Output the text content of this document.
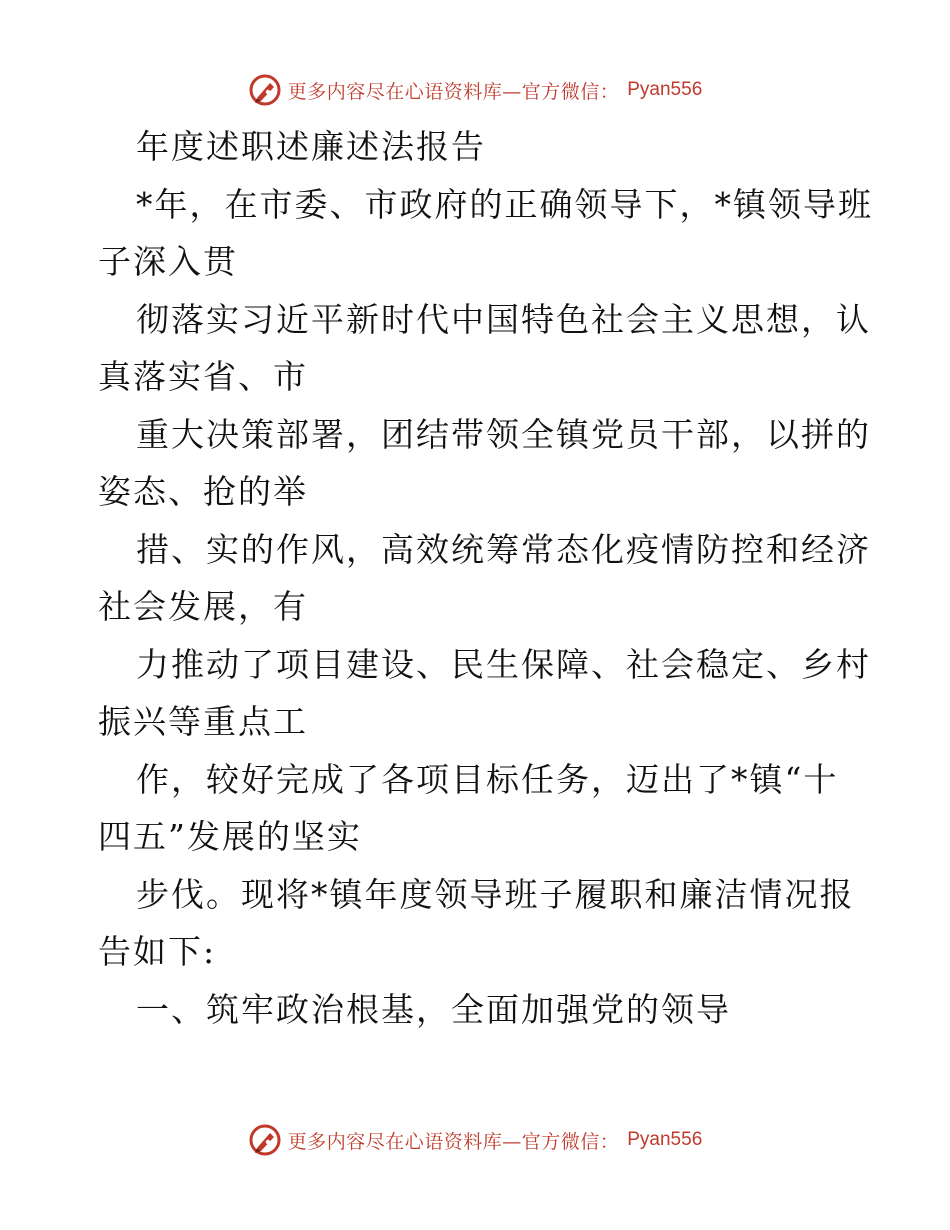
更多内容尽在心语资料库—官方微信： Pyan556
年度述职述廉述法报告
*年，在市委、市政府的正确领导下，*镇领导班
子深入贯
彻落实习近平新时代中国特色社会主义思想，认
真落实省、市
重大决策部署，团结带领全镇党员干部，以拼的
姿态、抢的举
措、实的作风，高效统筹常态化疫情防控和经济
社会发展，有
力推动了项目建设、民生保障、社会稳定、乡村
振兴等重点工
作，较好完成了各项目标任务，迈出了*镇“十
四五”发展的坚实
步伐。现将*镇年度领导班子履职和廉洁情况报
告如下:
一、筑牢政治根基，全面加强党的领导
更多内容尽在心语资料库—官方微信： Pyan556
